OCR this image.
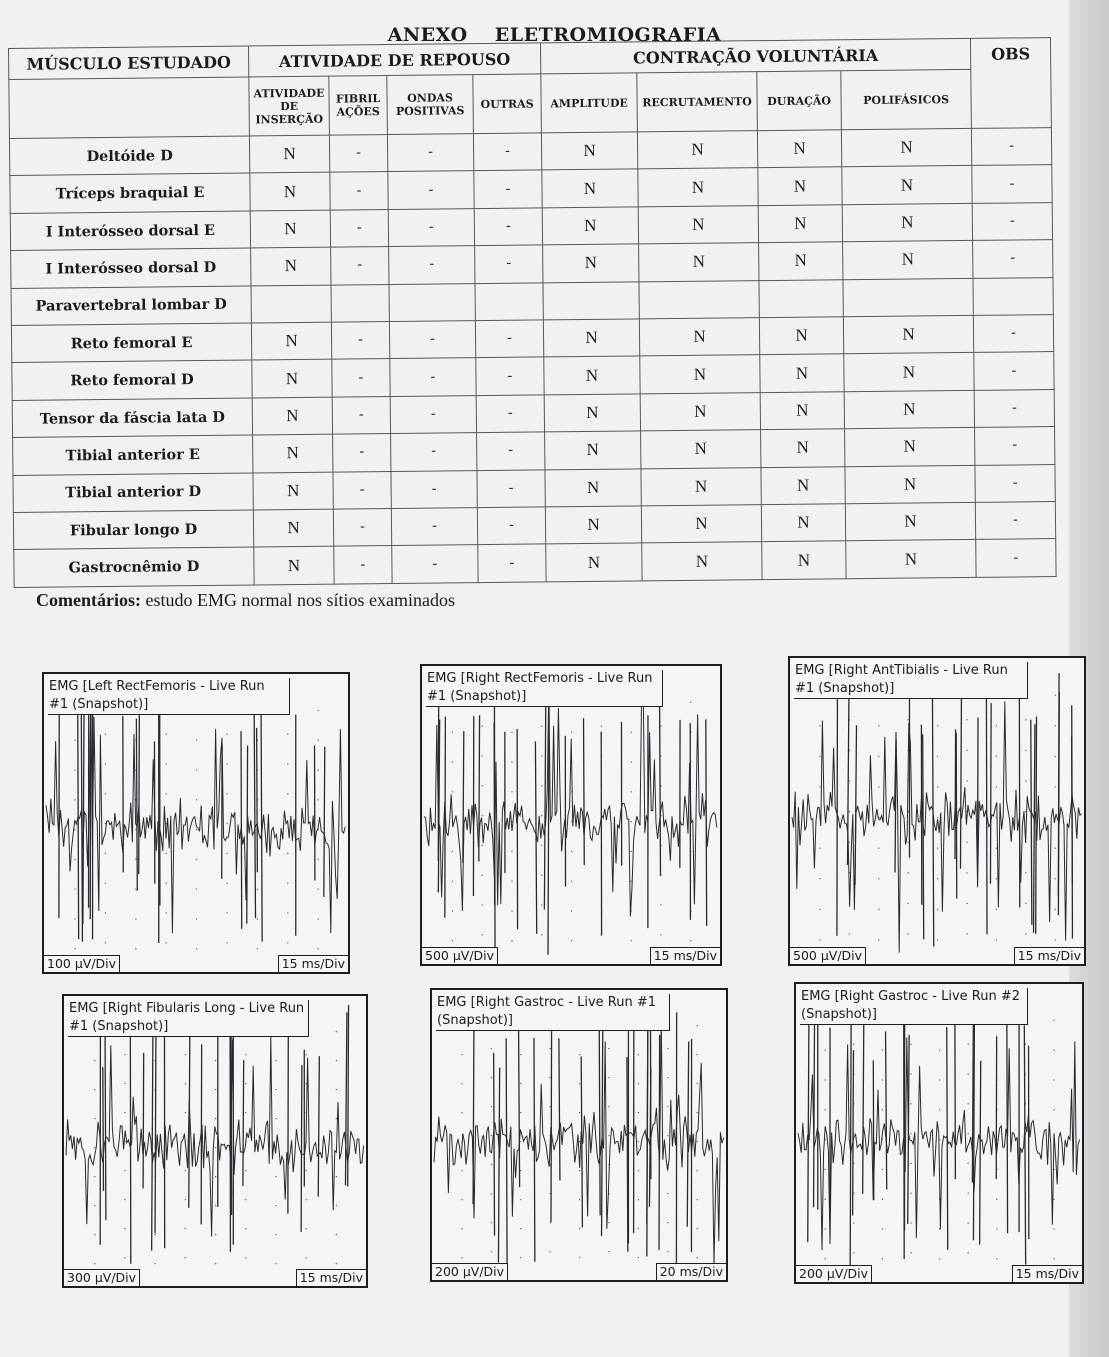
ANEXO ELETROMIOGRAFIA
MÚSCULO ESTUDADO	ATIVIDADE DE REPOUSO				CONTRAÇÃO VOLUNTÁRIA				OBS
	ATIVIDADE DE INSERÇÃO	FIBRIL AÇÕES	ONDAS POSITIVAS	OUTRAS	AMPLITUDE	RECRUTAMENTO	DURAÇÃO	POLIFÁSICOS	
Deltóide D	N	-	-	-	N	N	N	N	-
Tríceps braquial E	N	-	-	-	N	N	N	N	-
I Interósseo dorsal E	N	-	-	-	N	N	N	N	-
I Interósseo dorsal D	N	-	-	-	N	N	N	N	-
Paravertebral lombar D									
Reto femoral E	N	-	-	-	N	N	N	N	-
Reto femoral D	N	-	-	-	N	N	N	N	-
Tensor da fáscia lata D	N	-	-	-	N	N	N	N	-
Tibial anterior E	N	-	-	-	N	N	N	N	-
Tibial anterior D	N	-	-	-	N	N	N	N	-
Fibular longo D	N	-	-	-	N	N	N	N	-
Gastrocnêmio D	N	-	-	-	N	N	N	N	-
Comentários: estudo EMG normal nos sítios examinados
EMG [Left RectFemoris - Live Run #1 (Snapshot)]
100 µV/Div	15 ms/Div
EMG [Right RectFemoris - Live Run #1 (Snapshot)]
500 µV/Div	15 ms/Div
EMG [Right AntTibialis - Live Run #1 (Snapshot)]
500 µV/Div	15 ms/Div
EMG [Right Fibularis Long - Live Run #1 (Snapshot)]
300 µV/Div	15 ms/Div
EMG [Right Gastroc - Live Run #1 (Snapshot)]
200 µV/Div	20 ms/Div
EMG [Right Gastroc - Live Run #2 (Snapshot)]
200 µV/Div	15 ms/Div
